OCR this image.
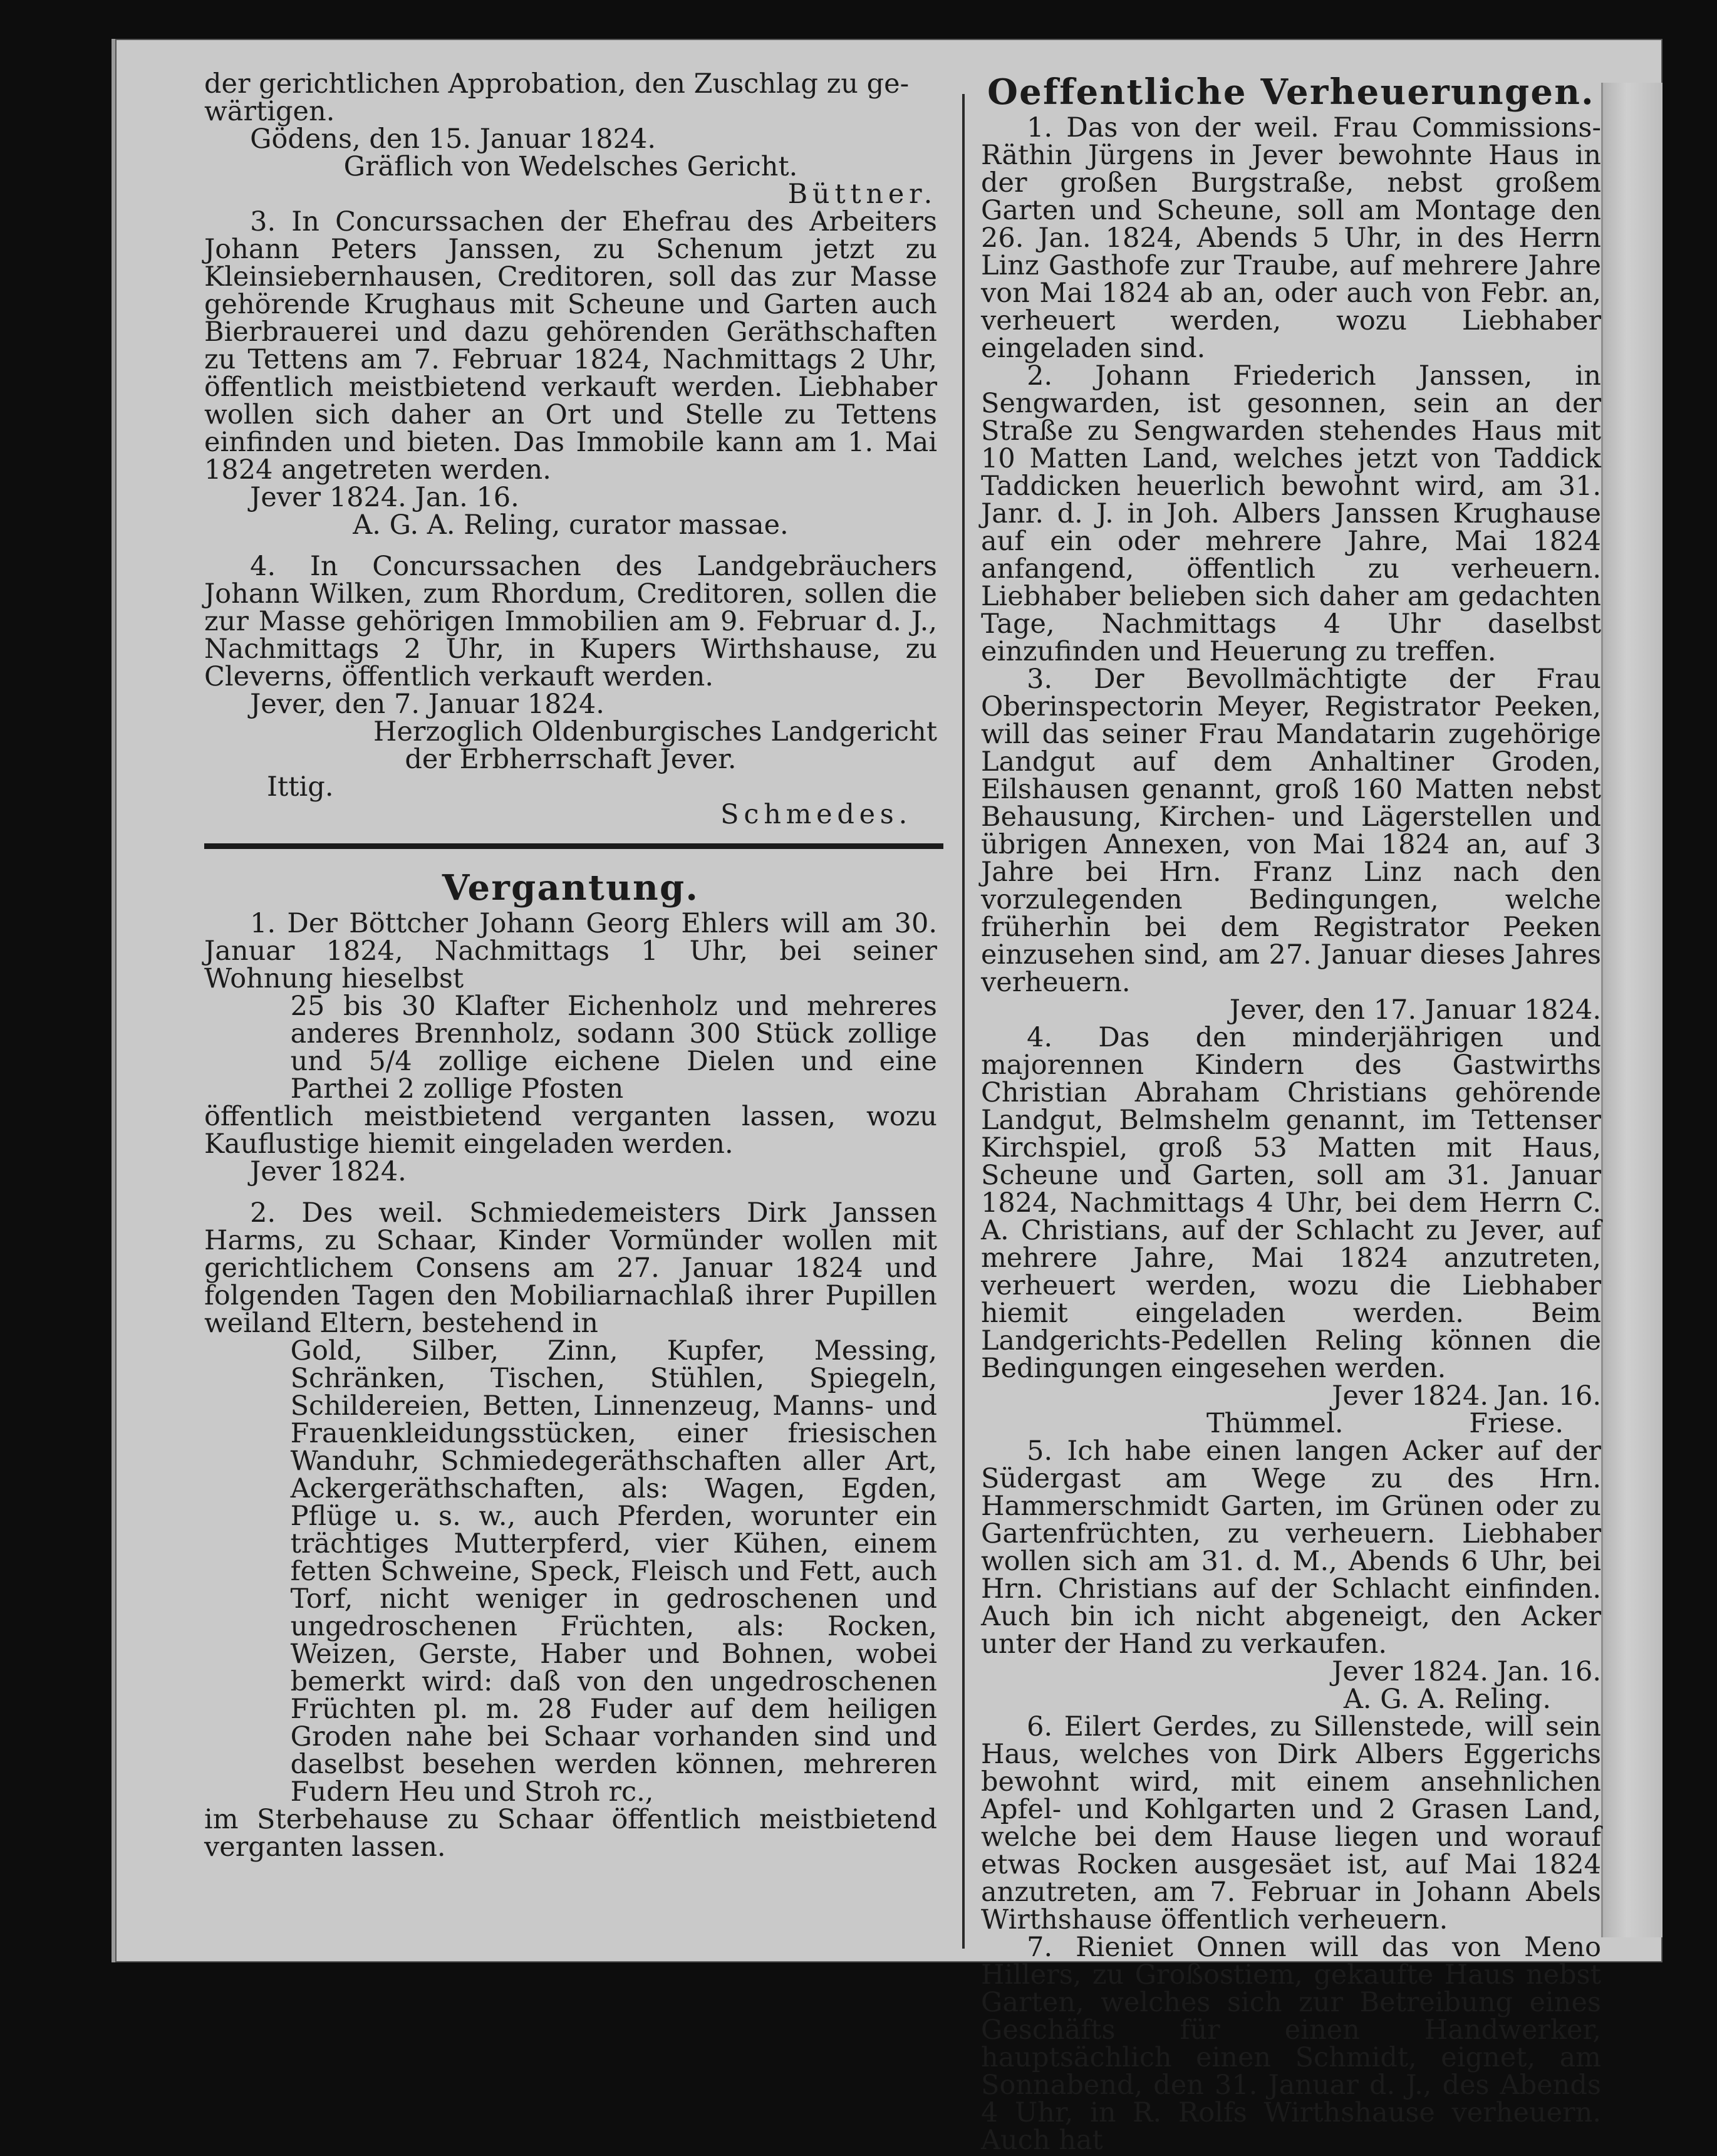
der gerichtlichen Approbation, den Zuschlag zu ge-

wärtigen.

Gödens, den 15. Januar 1824.

Gräflich von Wedelsches Gericht.

Büttner.

3. In Concurssachen der Ehefrau des Arbeiters Johann Peters Janssen, zu Schenum jetzt zu Kleinsiebernhausen, Creditoren, soll das zur Masse gehörende Krughaus mit Scheune und Garten auch Bierbrauerei und dazu gehörenden Geräthschaften zu Tettens am 7. Februar 1824, Nachmittags 2 Uhr, öffentlich meistbietend verkauft werden. Liebhaber wollen sich daher an Ort und Stelle zu Tettens einfinden und bieten. Das Immobile kann am 1. Mai 1824 angetreten werden.

Jever 1824. Jan. 16.

A. G. A. Reling, curator massae.

4. In Concurssachen des Landgebräuchers Johann Wilken, zum Rhordum, Creditoren, sollen die zur Masse gehörigen Immobilien am 9. Februar d. J., Nachmittags 2 Uhr, in Kupers Wirthshause, zu Cleverns, öffentlich verkauft werden.

Jever, den 7. Januar 1824.

Herzoglich Oldenburgisches Landgericht

der Erbherrschaft Jever.

Ittig.
Schmedes.

Vergantung.

1. Der Böttcher Johann Georg Ehlers will am 30. Januar 1824, Nachmittags 1 Uhr, bei seiner Wohnung hieselbst

25 bis 30 Klafter Eichenholz und mehreres anderes Brennholz, sodann 300 Stück zollige und 5/4 zollige eichene Dielen und eine Parthei 2 zollige Pfosten

öffentlich meistbietend verganten lassen, wozu Kauflustige hiemit eingeladen werden.

Jever 1824.

2. Des weil. Schmiedemeisters Dirk Janssen Harms, zu Schaar, Kinder Vormünder wollen mit gerichtlichem Consens am 27. Januar 1824 und folgenden Tagen den Mobiliarnachlaß ihrer Pupillen weiland Eltern, bestehend in

Gold, Silber, Zinn, Kupfer, Messing, Schränken, Tischen, Stühlen, Spiegeln, Schildereien, Betten, Linnenzeug, Manns- und Frauenkleidungsstücken, einer friesischen Wanduhr, Schmiedegeräthschaften aller Art, Ackergeräthschaften, als: Wagen, Egden, Pflüge u. s. w., auch Pferden, worunter ein trächtiges Mutterpferd, vier Kühen, einem fetten Schweine, Speck, Fleisch und Fett, auch Torf, nicht weniger in gedroschenen und ungedroschenen Früchten, als: Rocken, Weizen, Gerste, Haber und Bohnen, wobei bemerkt wird: daß von den ungedroschenen Früchten pl. m. 28 Fuder auf dem heiligen Groden nahe bei Schaar vorhanden sind und daselbst besehen werden können, mehreren Fudern Heu und Stroh rc.,

im Sterbehause zu Schaar öffentlich meistbietend verganten lassen.

Oeffentliche Verheuerungen.

1. Das von der weil. Frau Commissions-Räthin Jürgens in Jever bewohnte Haus in der großen Burgstraße, nebst großem Garten und Scheune, soll am Montage den 26. Jan. 1824, Abends 5 Uhr, in des Herrn Linz Gasthofe zur Traube, auf mehrere Jahre von Mai 1824 ab an, oder auch von Febr. an, verheuert werden, wozu Liebhaber eingeladen sind.

2. Johann Friederich Janssen, in Sengwarden, ist gesonnen, sein an der Straße zu Sengwarden stehendes Haus mit 10 Matten Land, welches jetzt von Taddick Taddicken heuerlich bewohnt wird, am 31. Janr. d. J. in Joh. Albers Janssen Krughause auf ein oder mehrere Jahre, Mai 1824 anfangend, öffentlich zu verheuern. Liebhaber belieben sich daher am gedachten Tage, Nachmittags 4 Uhr daselbst einzufinden und Heuerung zu treffen.

3. Der Bevollmächtigte der Frau Oberinspectorin Meyer, Registrator Peeken, will das seiner Frau Mandatarin zugehörige Landgut auf dem Anhaltiner Groden, Eilshausen genannt, groß 160 Matten nebst Behausung, Kirchen- und Lägerstellen und übrigen Annexen, von Mai 1824 an, auf 3 Jahre bei Hrn. Franz Linz nach den vorzulegenden Bedingungen, welche früherhin bei dem Registrator Peeken einzusehen sind, am 27. Januar dieses Jahres verheuern.

Jever, den 17. Januar 1824.

4. Das den minderjährigen und majorennen Kindern des Gastwirths Christian Abraham Christians gehörende Landgut, Belmshelm genannt, im Tettenser Kirchspiel, groß 53 Matten mit Haus, Scheune und Garten, soll am 31. Januar 1824, Nachmittags 4 Uhr, bei dem Herrn C. A. Christians, auf der Schlacht zu Jever, auf mehrere Jahre, Mai 1824 anzutreten, verheuert werden, wozu die Liebhaber hiemit eingeladen werden. Beim Landgerichts-Pedellen Reling können die Bedingungen eingesehen werden.

Jever 1824. Jan. 16.

Thümmel.	Friese.

5. Ich habe einen langen Acker auf der Südergast am Wege zu des Hrn. Hammerschmidt Garten, im Grünen oder zu Gartenfrüchten, zu verheuern. Liebhaber wollen sich am 31. d. M., Abends 6 Uhr, bei Hrn. Christians auf der Schlacht einfinden. Auch bin ich nicht abgeneigt, den Acker unter der Hand zu verkaufen.

Jever 1824. Jan. 16.

A. G. A. Reling.

6. Eilert Gerdes, zu Sillenstede, will sein Haus, welches von Dirk Albers Eggerichs bewohnt wird, mit einem ansehnlichen Apfel- und Kohlgarten und 2 Grasen Land, welche bei dem Hause liegen und worauf etwas Rocken ausgesäet ist, auf Mai 1824 anzutreten, am 7. Februar in Johann Abels Wirthshause öffentlich verheuern.

7. Rieniet Onnen will das von Meno Hillers, zu Großostiem, gekaufte Haus nebst Garten, welches sich zur Betreibung eines Geschäfts für einen Handwerker, hauptsächlich einen Schmidt, eignet, am Sonnabend, den 31. Januar d. J., des Abends 4 Uhr, in R. Rolfs Wirthshause verheuern. Auch hat
